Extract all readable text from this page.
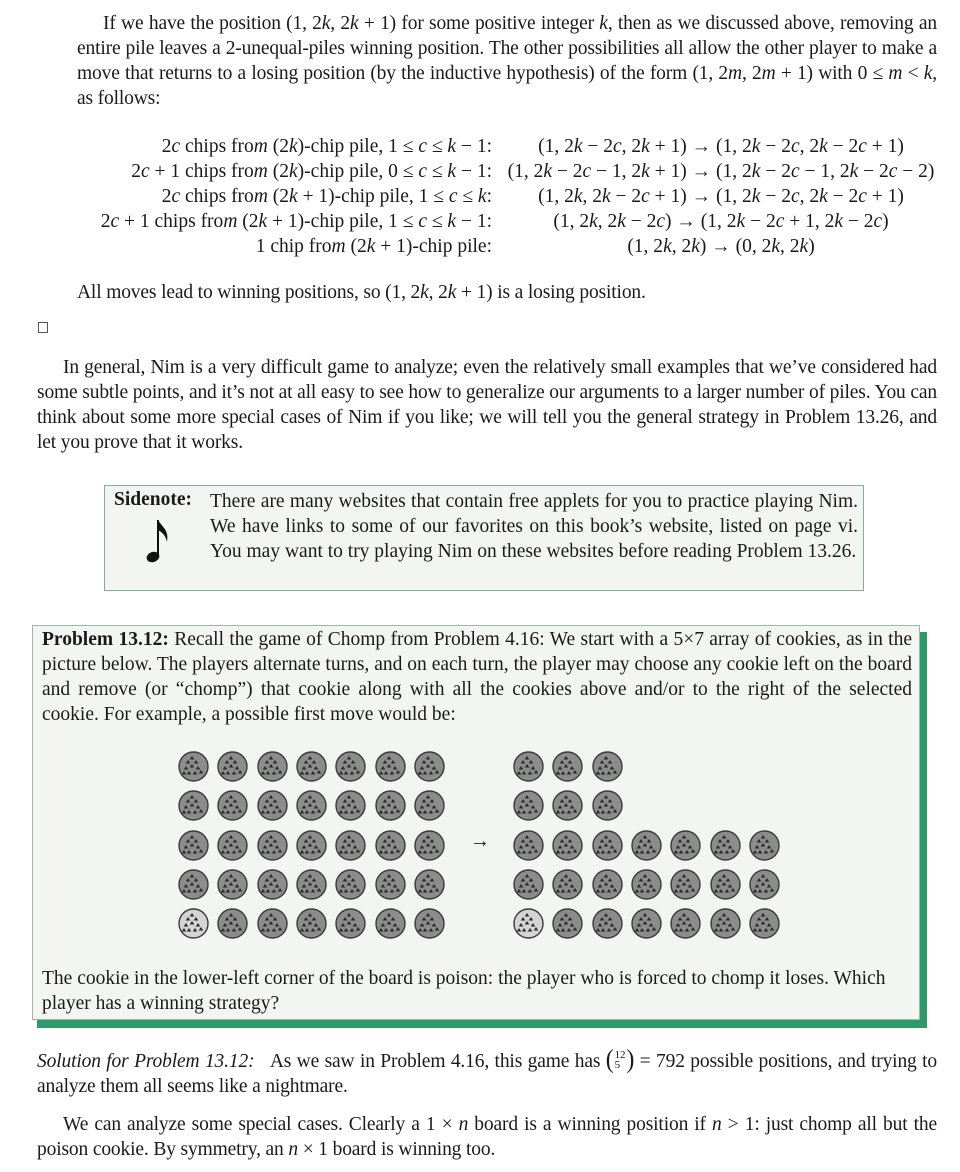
If we have the position (1, 2k, 2k + 1) for some positive integer k, then as we discussed above, removing an entire pile leaves a 2-unequal-piles winning position. The other possibilities all allow the other player to make a move that returns to a losing position (by the inductive hypothesis) of the form (1, 2m, 2m + 1) with 0 ≤ m < k, as follows:
2c chips from (2k)-chip pile, 1 ≤ c ≤ k − 1:	(1, 2k − 2c, 2k + 1) → (1, 2k − 2c, 2k − 2c + 1)
2c + 1 chips from (2k)-chip pile, 0 ≤ c ≤ k − 1: (1, 2k − 2c − 1, 2k + 1) → (1, 2k − 2c − 1, 2k − 2c − 2)
2c chips from (2k + 1)-chip pile, 1 ≤ c ≤ k:	(1, 2k, 2k − 2c + 1) → (1, 2k − 2c, 2k − 2c + 1)
2c + 1 chips from (2k + 1)-chip pile, 1 ≤ c ≤ k − 1:	(1, 2k, 2k − 2c) → (1, 2k − 2c + 1, 2k − 2c)
1 chip from (2k + 1)-chip pile:	(1, 2k, 2k) → (0, 2k, 2k)
All moves lead to winning positions, so (1, 2k, 2k + 1) is a losing position.
In general, Nim is a very difficult game to analyze; even the relatively small examples that we’ve considered had some subtle points, and it’s not at all easy to see how to generalize our arguments to a larger number of piles. You can think about some more special cases of Nim if you like; we will tell you the general strategy in Problem 13.26, and let you prove that it works.
Sidenote: There are many websites that contain free applets for you to practice playing Nim. We have links to some of our favorites on this book’s website, listed on page vi. You may want to try playing Nim on these websites before reading Problem 13.26.
Problem 13.12: Recall the game of Chomp from Problem 4.16: We start with a 5×7 array of cookies, as in the picture below. The players alternate turns, and on each turn, the player may choose any cookie left on the board and remove (or “chomp”) that cookie along with all the cookies above and/or to the right of the selected cookie. For example, a possible first move would be:
→
The cookie in the lower-left corner of the board is poison: the player who is forced to chomp it loses. Which player has a winning strategy?
Solution for Problem 13.12: As we saw in Problem 4.16, this game has ( 12
5 ) = 792 possible positions, and trying to analyze them all seems like a nightmare.
We can analyze some special cases. Clearly a 1 × n board is a winning position if n > 1: just chomp all but the poison cookie. By symmetry, an n × 1 board is winning too.
